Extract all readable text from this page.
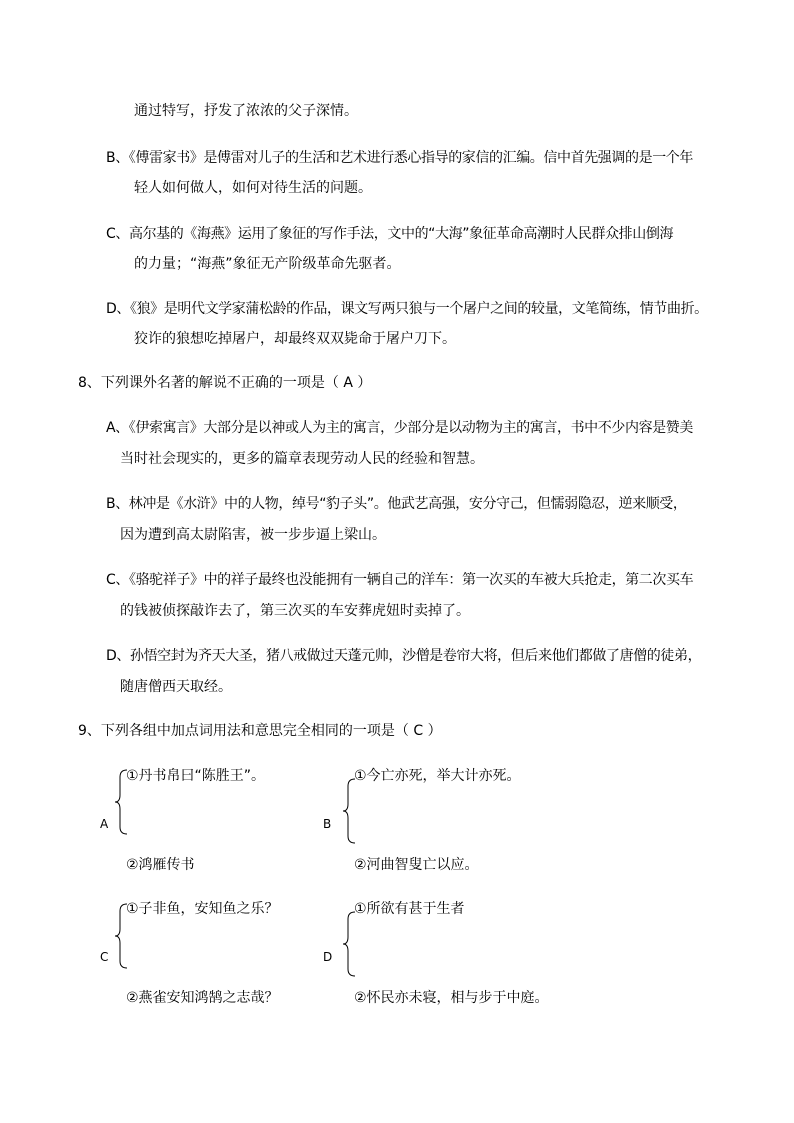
通过特写，抒发了浓浓的父子深情。
B、《傅雷家书》是傅雷对儿子的生活和艺术进行悉心指导的家信的汇编。信中首先强调的是一个年
轻人如何做人，如何对待生活的问题。
C、高尔基的《海燕》运用了象征的写作手法，文中的“大海”象征革命高潮时人民群众排山倒海
的力量；“海燕”象征无产阶级革命先驱者。
D、《狼》是明代文学家蒲松龄的作品，课文写两只狼与一个屠户之间的较量，文笔简练，情节曲折。
狡诈的狼想吃掉屠户，却最终双双毙命于屠户刀下。
8、下列课外名著的解说不正确的一项是（ A ）
A、《伊索寓言》大部分是以神或人为主的寓言，少部分是以动物为主的寓言，书中不少内容是赞美
当时社会现实的，更多的篇章表现劳动人民的经验和智慧。
B、林冲是《水浒》中的人物，绰号“豹子头”。他武艺高强，安分守己，但懦弱隐忍，逆来顺受，
因为遭到高太尉陷害，被一步步逼上梁山。
C、《骆驼祥子》中的祥子最终也没能拥有一辆自己的洋车：第一次买的车被大兵抢走，第二次买车
的钱被侦探敲诈去了，第三次买的车安葬虎妞时卖掉了。
D、孙悟空封为齐天大圣，猪八戒做过天蓬元帅，沙僧是卷帘大将，但后来他们都做了唐僧的徒弟，
随唐僧西天取经。
9、下列各组中加点词用法和意思完全相同的一项是（ C ）
①丹书帛曰“陈胜王”。
A
②鸿雁传书
①今亡亦死，举大计亦死。
B
②河曲智叟亡以应。
①子非鱼，安知鱼之乐？
C
②燕雀安知鸿鹄之志哉？
①所欲有甚于生者
D
②怀民亦未寝，相与步于中庭。
